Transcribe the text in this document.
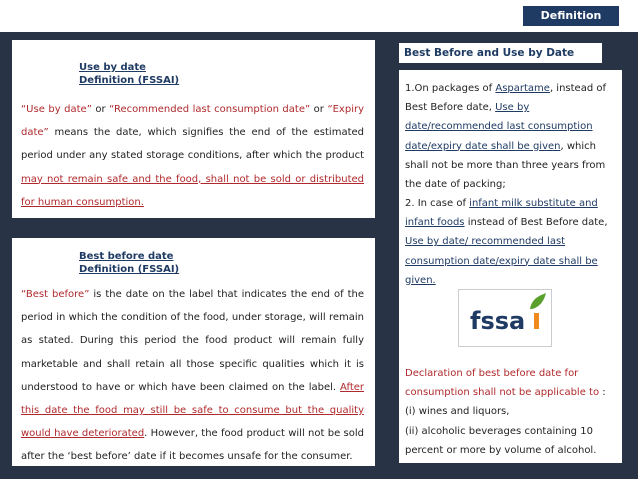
Definition
Use by date
Definition (FSSAI)
“Use by date” or “Recommended last consumption date” or “Expiry date” means the date, which signifies the end of the estimated period under any stated storage conditions, after which the product may not remain safe and the food, shall not be sold or distributed for human consumption.
Best before date
Definition (FSSAI)
“Best before” is the date on the label that indicates the end of the period in which the condition of the food, under storage, will remain as stated. During this period the food product will remain fully marketable and shall retain all those specific qualities which it is understood to have or which have been claimed on the label. After this date the food may still be safe to consume but the quality would have deteriorated. However, the food product will not be sold after the ‘best before’ date if it becomes unsafe for the consumer.
Best Before and Use by Date
1.On packages of Aspartame, instead of Best Before date, Use by date/recommended last consumption date/expiry date shall be given, which shall not be more than three years from the date of packing;
2. In case of infant milk substitute and infant foods instead of Best Before date, Use by date/ recommended last consumption date/expiry date shall be given.
Declaration of best before date for consumption shall not be applicable to :
(i) wines and liquors,
(ii) alcoholic beverages containing 10 percent or more by volume of alcohol.
fssa
